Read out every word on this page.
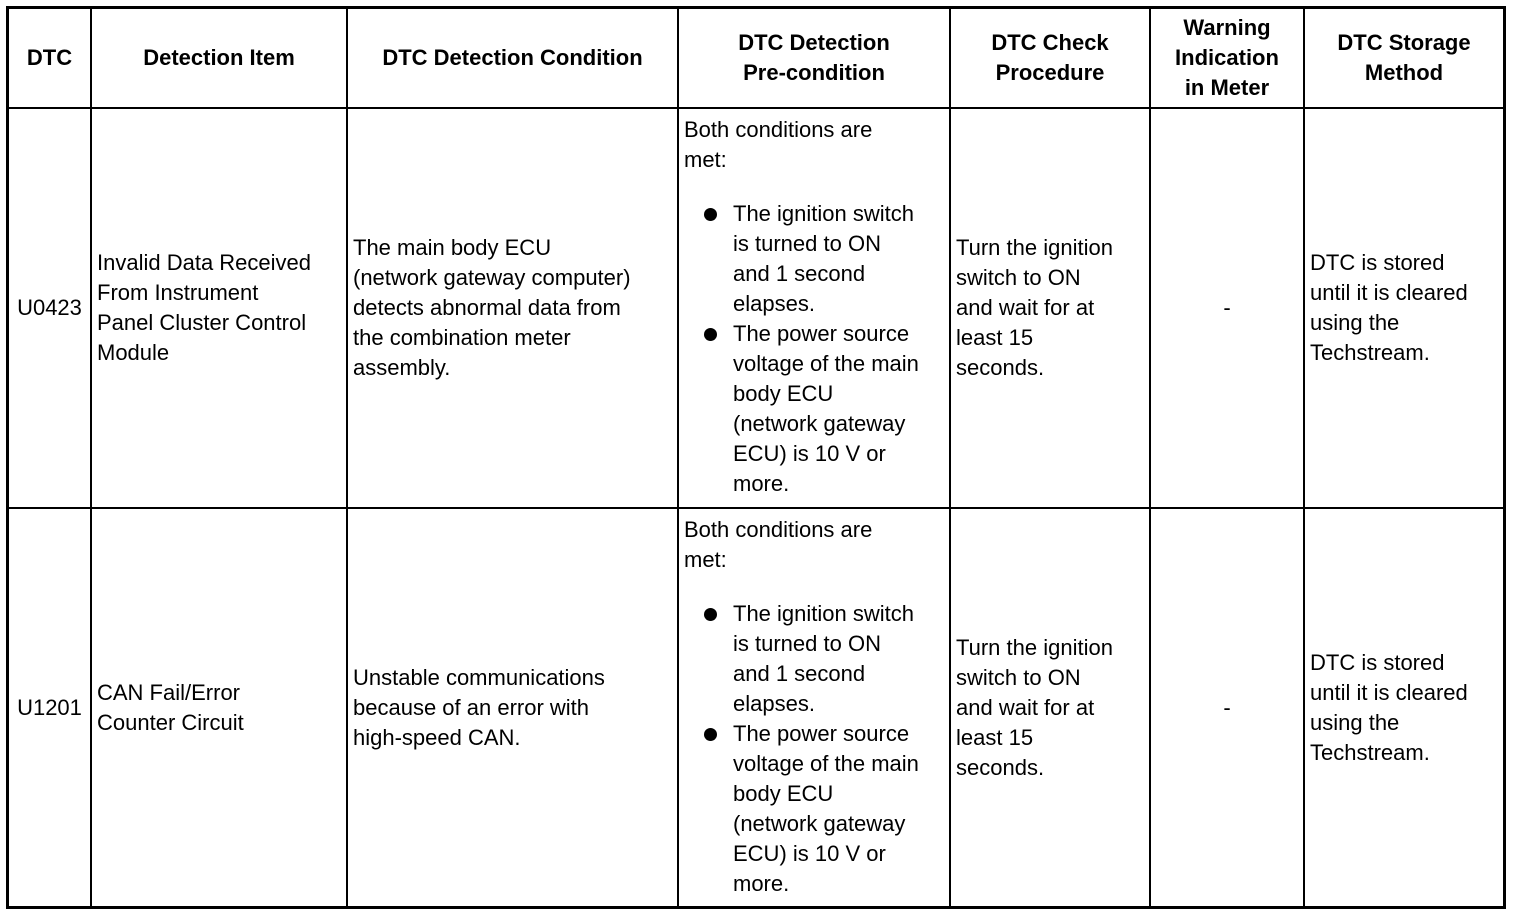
DTC	Detection Item	DTC Detection Condition
DTC Detection
Pre-condition
DTC Check
Procedure
Warning
Indication
in Meter
DTC Storage
Method
U0423
Invalid Data Received
From Instrument
Panel Cluster Control
Module
The main body ECU
(network gateway computer)
detects abnormal data from
the combination meter
assembly.
Both conditions are
met:
The ignition switch
is turned to ON
and 1 second
elapses.
The power source
voltage of the main
body ECU
(network gateway
ECU) is 10 V or
more.
Turn the ignition
switch to ON
and wait for at
least 15
seconds.
-
DTC is stored
until it is cleared
using the
Techstream.
U1201
CAN Fail/Error
Counter Circuit
Unstable communications
because of an error with
high-speed CAN.
Both conditions are
met:
The ignition switch
is turned to ON
and 1 second
elapses.
The power source
voltage of the main
body ECU
(network gateway
ECU) is 10 V or
more.
Turn the ignition
switch to ON
and wait for at
least 15
seconds.
-
DTC is stored
until it is cleared
using the
Techstream.
